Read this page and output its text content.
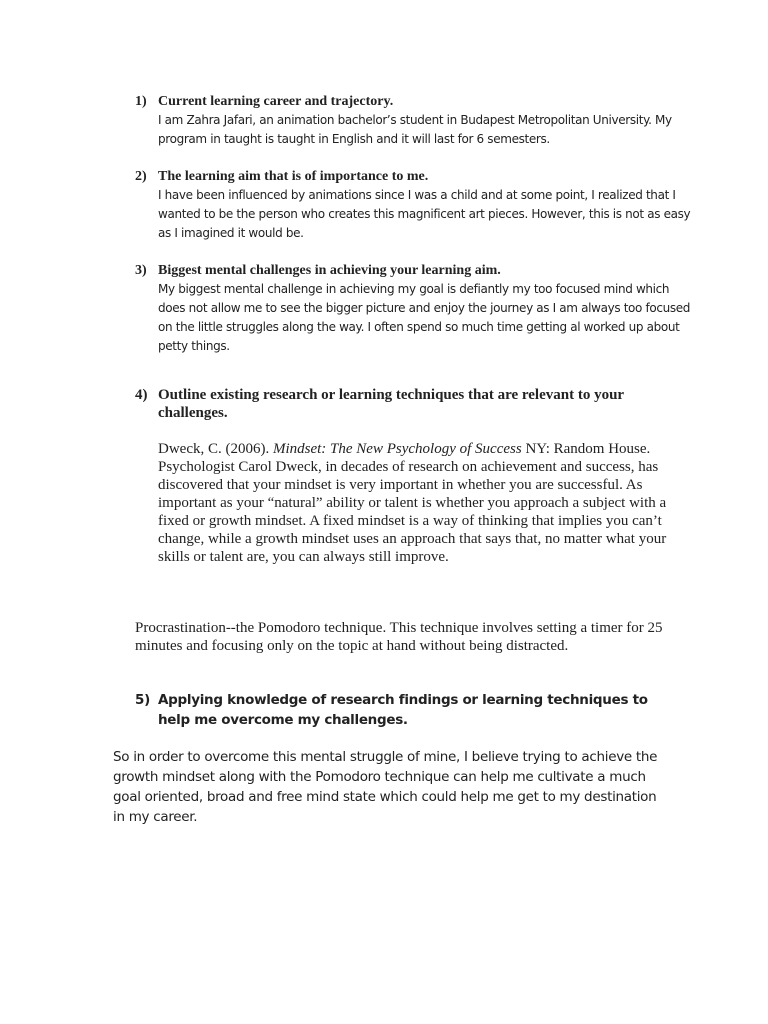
1) Current learning career and trajectory.
I am Zahra Jafari, an animation bachelor’s student in Budapest Metropolitan University. My program in taught is taught in English and it will last for 6 semesters.
2) The learning aim that is of importance to me.
I have been influenced by animations since I was a child and at some point, I realized that I wanted to be the person who creates this magnificent art pieces. However, this is not as easy as I imagined it would be.
3) Biggest mental challenges in achieving your learning aim.
My biggest mental challenge in achieving my goal is defiantly my too focused mind which does not allow me to see the bigger picture and enjoy the journey as I am always too focused on the little struggles along the way. I often spend so much time getting al worked up about petty things.
4) Outline existing research or learning techniques that are relevant to your challenges.
Dweck, C. (2006). Mindset: The New Psychology of Success NY: Random House. Psychologist Carol Dweck, in decades of research on achievement and success, has discovered that your mindset is very important in whether you are successful. As important as your “natural” ability or talent is whether you approach a subject with a fixed or growth mindset. A fixed mindset is a way of thinking that implies you can’t change, while a growth mindset uses an approach that says that, no matter what your skills or talent are, you can always still improve.
Procrastination--the Pomodoro technique. This technique involves setting a timer for 25 minutes and focusing only on the topic at hand without being distracted.
5) Applying knowledge of research findings or learning techniques to help me overcome my challenges.
So in order to overcome this mental struggle of mine, I believe trying to achieve the growth mindset along with the Pomodoro technique can help me cultivate a much goal oriented, broad and free mind state which could help me get to my destination in my career.
